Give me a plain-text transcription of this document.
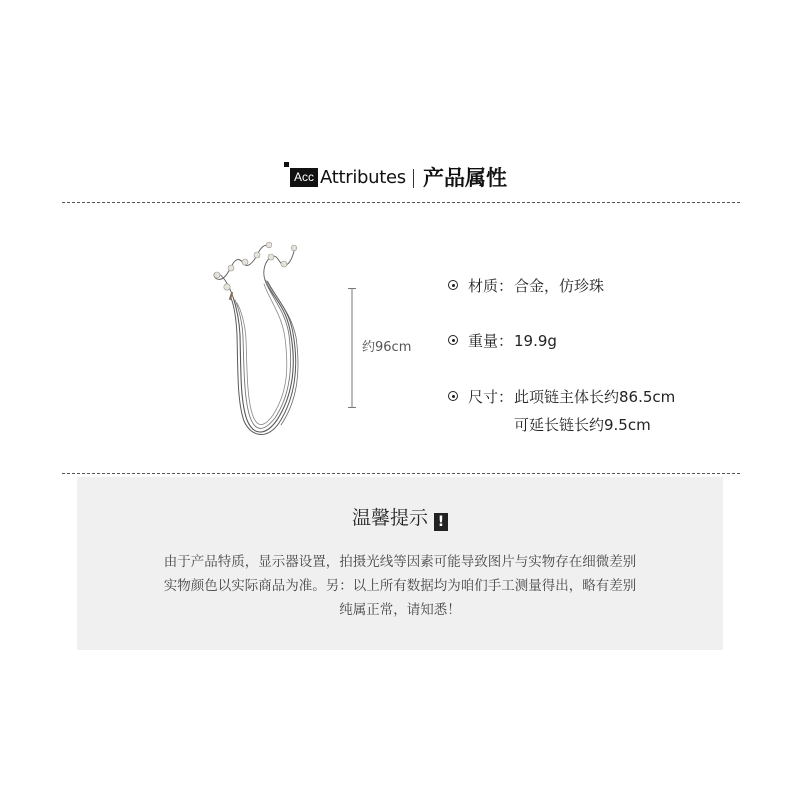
Acc Attributes 产品属性
约96cm
材质： 合金，仿珍珠
重量： 19.9g
尺寸： 此项链主体长约86.5cm
可延长链长约9.5cm
温馨提示 !
由于产品特质，显示器设置，拍摄光线等因素可能导致图片与实物存在细微差别
实物颜色以实际商品为准。另：以上所有数据均为咱们手工测量得出，略有差别
纯属正常，请知悉！
